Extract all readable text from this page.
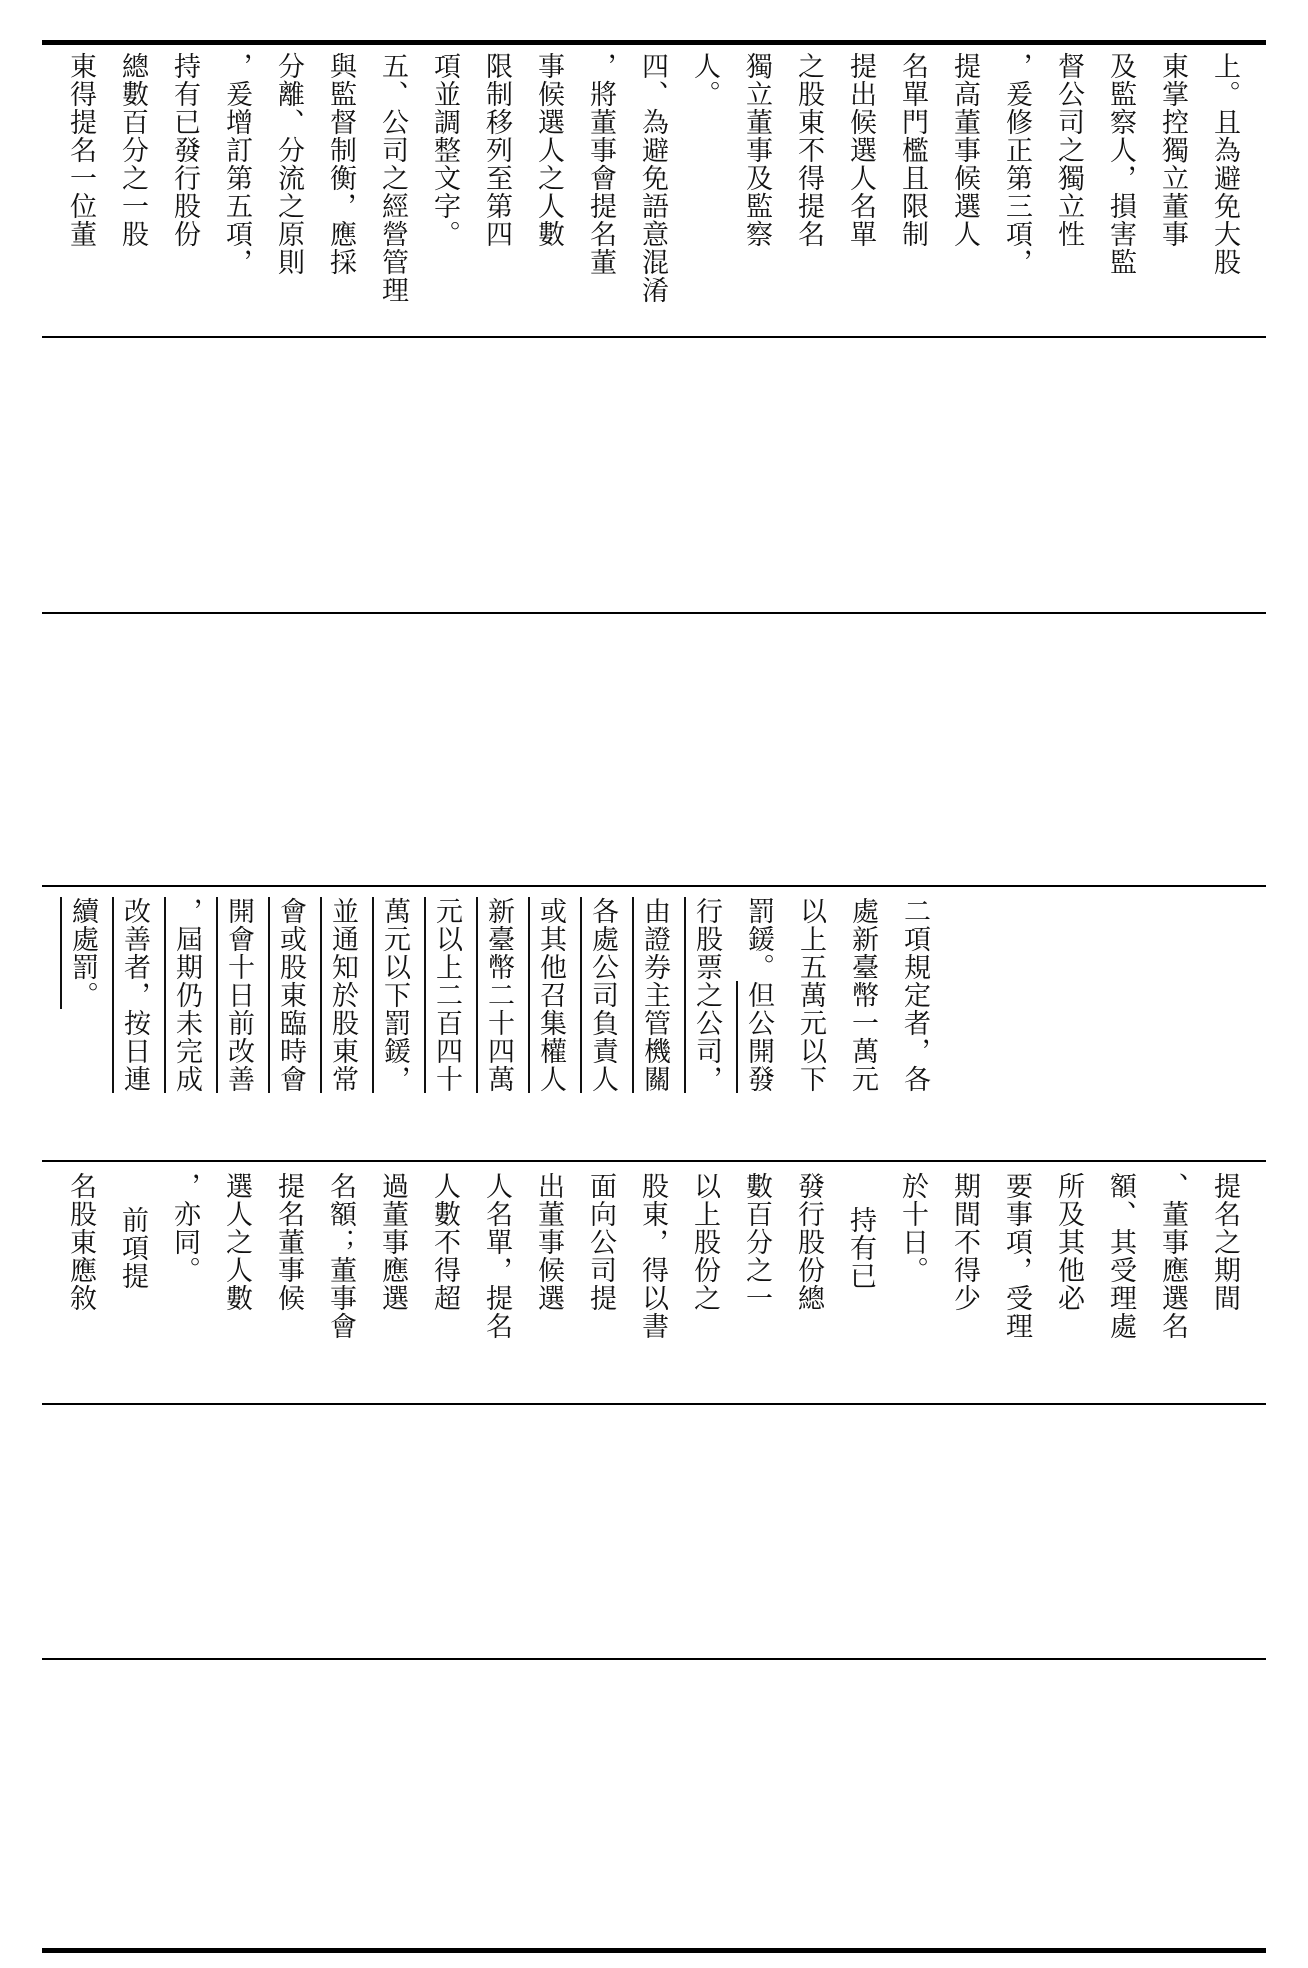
上。且為避免大股
東掌控獨立董事
及監察人，損害監
督公司之獨立性
，爰修正第三項，
提高董事候選人
名單門檻且限制
提出候選人名單
之股東不得提名
獨立董事及監察
人。
四、為避免語意混淆
，將董事會提名董
事候選人之人數
限制移列至第四
項並調整文字。
五、公司之經營管理
與監督制衡，應採
分離、分流之原則
，爰增訂第五項，
持有已發行股份
總數百分之一股
東得提名一位董
二項規定者，各
處新臺幣一萬元
以上五萬元以下
罰鍰。但公開發
行股票之公司，
由證券主管機關
各處公司負責人
或其他召集權人
新臺幣二十四萬
元以上二百四十
萬元以下罰鍰，
並通知於股東常
會或股東臨時會
開會十日前改善
，屆期仍未完成
改善者，按日連
續處罰。
提名之期間
、董事應選名
額、其受理處
所及其他必
要事項，受理
期間不得少
於十日。
持有已
發行股份總
數百分之一
以上股份之
股東，得以書
面向公司提
出董事候選
人名單，提名
人數不得超
過董事應選
名額；董事會
提名董事候
選人之人數
，亦同。
前項提
名股東應敘
